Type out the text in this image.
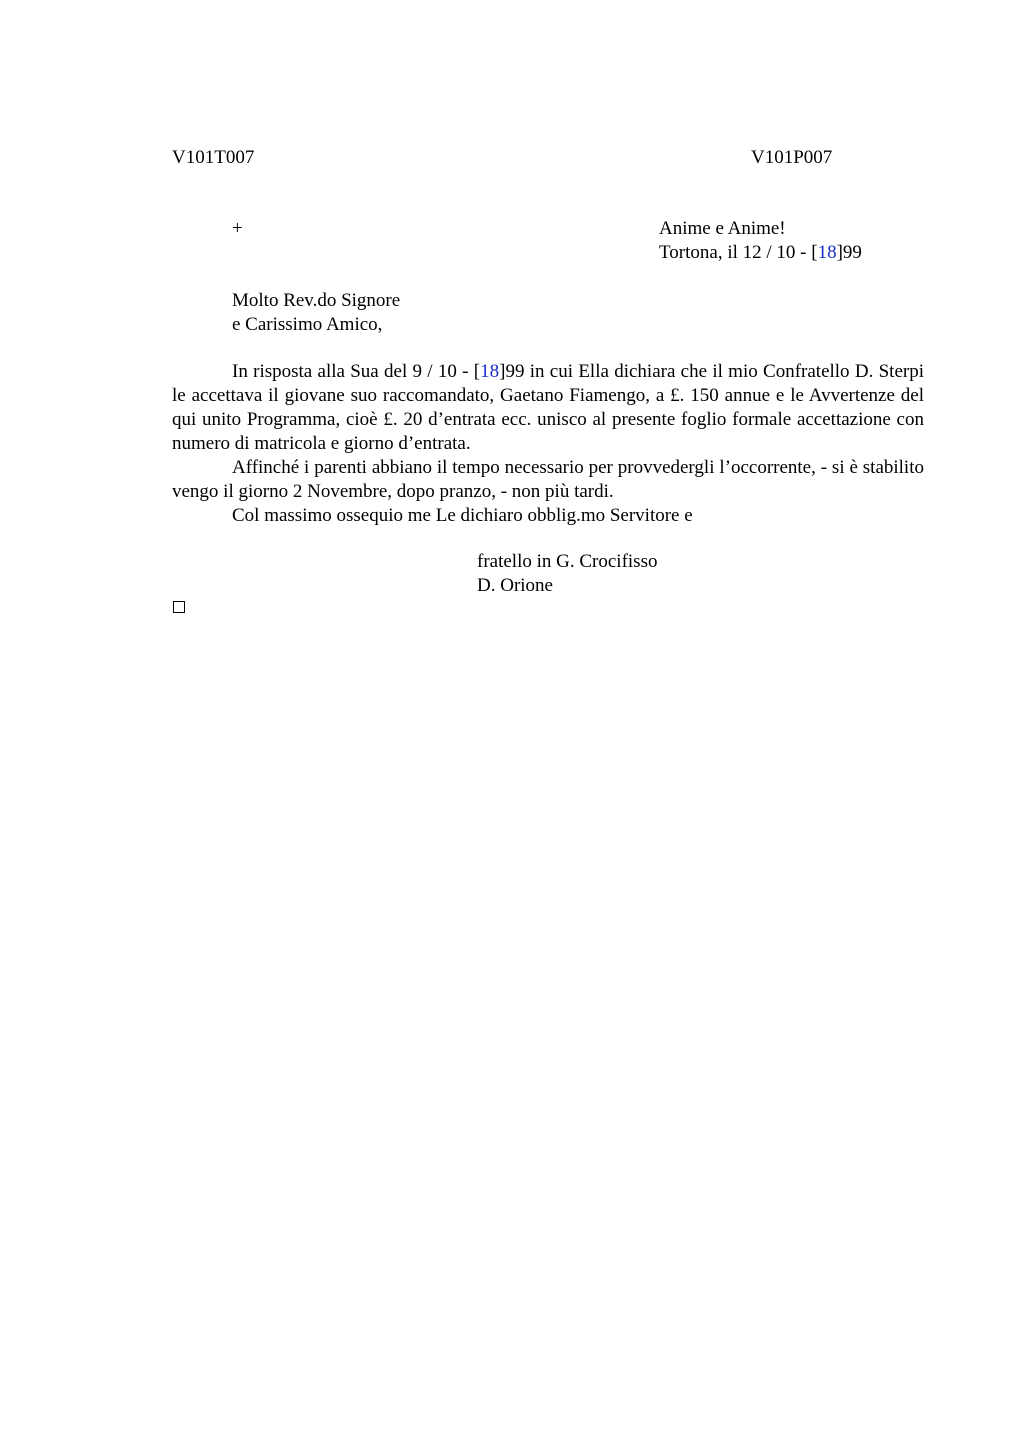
V101T007	V101P007
+	Anime e Anime!
Tortona, il 12 / 10 - [18]99
Molto Rev.do Signore
e Carissimo Amico,

In risposta alla Sua del 9 / 10 - [18]99 in cui Ella dichiara che il mio Confratello D. Sterpi le accettava il giovane suo raccomandato, Gaetano Fiamengo, a £. 150 annue e le Avvertenze del qui unito Programma, cioè £. 20 d’entrata ecc. unisco al presente foglio formale accettazione con numero di matricola e giorno d’entrata.

Affinché i parenti abbiano il tempo necessario per provvedergli l’occorrente, - si è stabilito vengo il giorno 2 Novembre, dopo pranzo, - non più tardi.

Col massimo ossequio me Le dichiaro obblig.mo Servitore e

fratello in G. Crocifisso
D. Orione
